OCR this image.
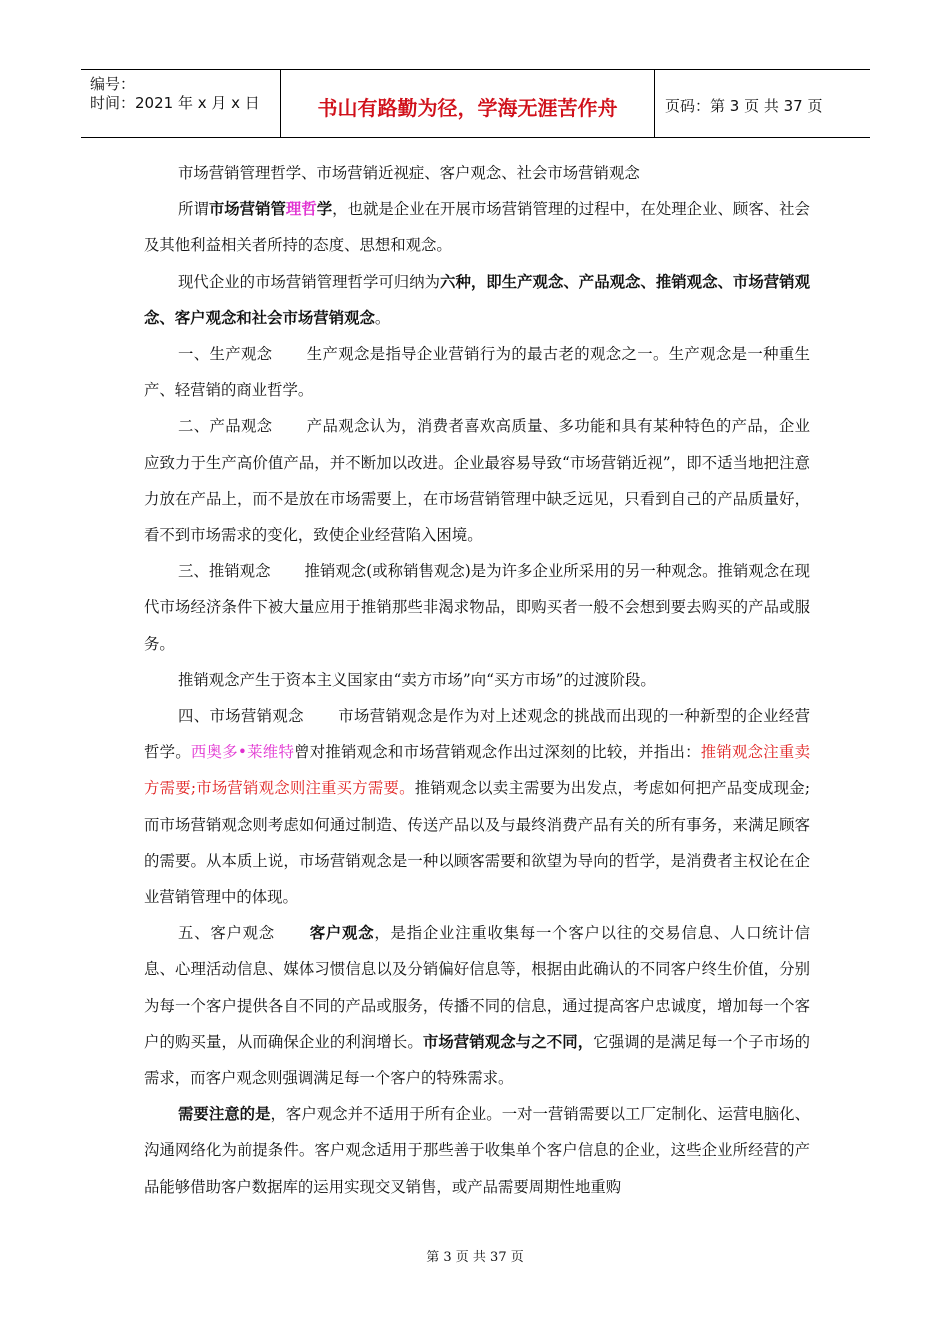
编号：
时间：2021 年 x 月 x 日	书山有路勤为径，学海无涯苦作舟	页码：第 3 页 共 37 页

市场营销管理哲学、市场营销近视症、客户观念、社会市场营销观念

所谓市场营销管理哲学，也就是企业在开展市场营销管理的过程中，在处理企业、顾客、社会及其他利益相关者所持的态度、思想和观念。

现代企业的市场营销管理哲学可归纳为六种，即生产观念、产品观念、推销观念、市场营销观念、客户观念和社会市场营销观念。

一、生产观念 生产观念是指导企业营销行为的最古老的观念之一。生产观念是一种重生产、轻营销的商业哲学。

二、产品观念 产品观念认为，消费者喜欢高质量、多功能和具有某种特色的产品，企业应致力于生产高价值产品，并不断加以改进。企业最容易导致“市场营销近视”，即不适当地把注意力放在产品上，而不是放在市场需要上，在市场营销管理中缺乏远见，只看到自己的产品质量好，看不到市场需求的变化，致使企业经营陷入困境。

三、推销观念 推销观念(或称销售观念)是为许多企业所采用的另一种观念。推销观念在现代市场经济条件下被大量应用于推销那些非渴求物品，即购买者一般不会想到要去购买的产品或服务。

推销观念产生于资本主义国家由“卖方市场”向“买方市场”的过渡阶段。

四、市场营销观念 市场营销观念是作为对上述观念的挑战而出现的一种新型的企业经营哲学。西奥多•莱维特曾对推销观念和市场营销观念作出过深刻的比较，并指出：推销观念注重卖方需要;市场营销观念则注重买方需要。推销观念以卖主需要为出发点，考虑如何把产品变成现金;而市场营销观念则考虑如何通过制造、传送产品以及与最终消费产品有关的所有事务，来满足顾客的需要。从本质上说，市场营销观念是一种以顾客需要和欲望为导向的哲学，是消费者主权论在企业营销管理中的体现。

五、客户观念 客户观念，是指企业注重收集每一个客户以往的交易信息、人口统计信息、心理活动信息、媒体习惯信息以及分销偏好信息等，根据由此确认的不同客户终生价值，分别为每一个客户提供各自不同的产品或服务，传播不同的信息，通过提高客户忠诚度，增加每一个客户的购买量，从而确保企业的利润增长。市场营销观念与之不同，它强调的是满足每一个子市场的需求，而客户观念则强调满足每一个客户的特殊需求。

需要注意的是，客户观念并不适用于所有企业。一对一营销需要以工厂定制化、运营电脑化、沟通网络化为前提条件。客户观念适用于那些善于收集单个客户信息的企业，这些企业所经营的产品能够借助客户数据库的运用实现交叉销售，或产品需要周期性地重购

第 3 页 共 37 页
